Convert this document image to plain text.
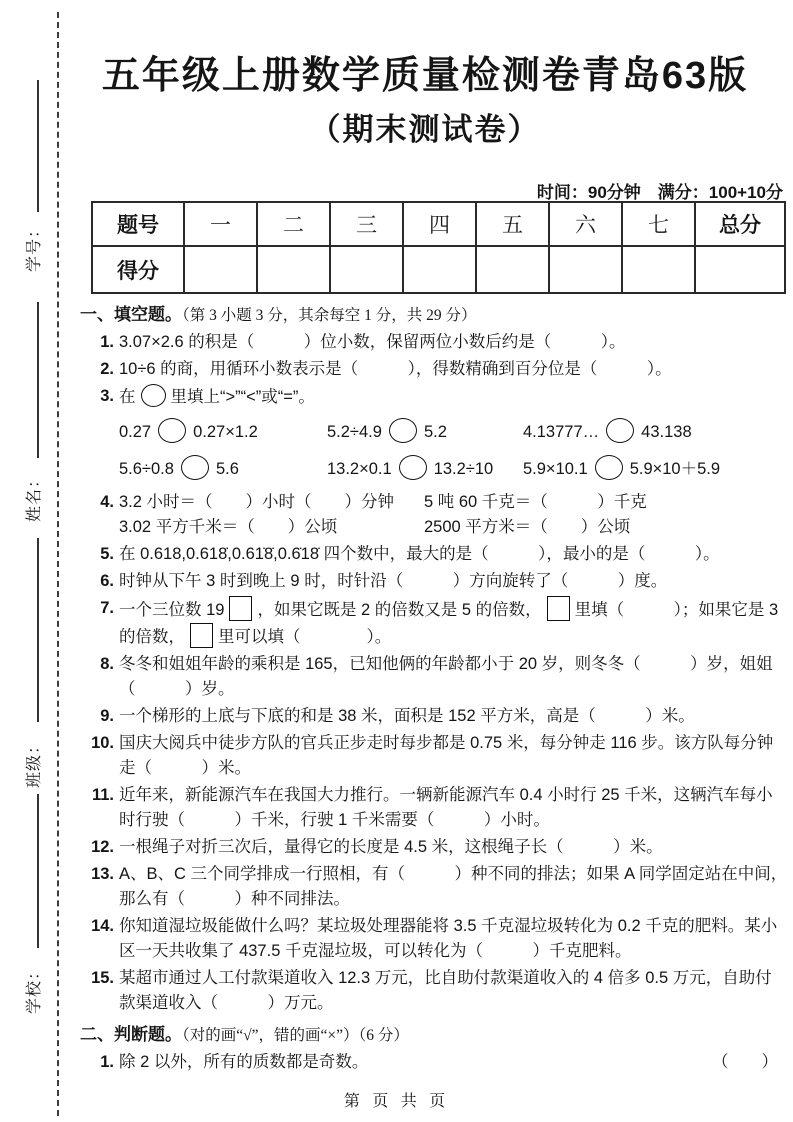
学号：
姓名：
班级：
学校：
五年级上册数学质量检测卷青岛63版
（期末测试卷）
时间：90分钟　满分：100+10分
题号	一	二	三	四	五	六	七	总分
得分								
一、填空题。（第 3 小题 3 分，其余每空 1 分，共 29 分）
1. 3.07×2.6 的积是（　　　）位小数，保留两位小数后约是（　　　）。
2. 10÷6 的商，用循环小数表示是（　　　），得数精确到百分位是（　　　）。
3. 在 里填上“>”“<”或“=”。
0.27	0.27×1.2	5.2÷4.9	5.2	4.13777…	43.138
5.6÷0.8	5.6	13.2×0.1	13.2÷10	5.9×10.1	5.9×10＋5.9
4. 3.2 小时＝（　　）小时（　　）分钟	5 吨 60 千克＝（　　　）千克
3.02 平方千米＝（　　）公顷	2500 平方米＝（　　）公顷
5. 在 0.618,0.618̇,0.61̇8̇,0.6̇18̇ 四个数中，最大的是（　　　），最小的是（　　　）。
6. 时钟从下午 3 时到晚上 9 时，时针沿（　　　）方向旋转了（　　　）度。
7. 一个三位数 19 ，如果它既是 2 的倍数又是 5 的倍数， 里填（　　　）；如果它是 3 的倍数， 里可以填（　　　　）。
8. 冬冬和姐姐年龄的乘积是 165，已知他俩的年龄都小于 20 岁，则冬冬（　　　）岁，姐姐（　　　）岁。
9. 一个梯形的上底与下底的和是 38 米，面积是 152 平方米，高是（　　　）米。
10. 国庆大阅兵中徒步方队的官兵正步走时每步都是 0.75 米，每分钟走 116 步。该方队每分钟走（　　　）米。
11. 近年来，新能源汽车在我国大力推行。一辆新能源汽车 0.4 小时行 25 千米，这辆汽车每小时行驶（　　　）千米，行驶 1 千米需要（　　　）小时。
12. 一根绳子对折三次后，量得它的长度是 4.5 米，这根绳子长（　　　）米。
13. A、B、C 三个同学排成一行照相，有（　　　）种不同的排法；如果 A 同学固定站在中间，那么有（　　　）种不同排法。
14. 你知道湿垃圾能做什么吗？某垃圾处理器能将 3.5 千克湿垃圾转化为 0.2 千克的肥料。某小区一天共收集了 437.5 千克湿垃圾，可以转化为（　　　）千克肥料。
15. 某超市通过人工付款渠道收入 12.3 万元，比自助付款渠道收入的 4 倍多 0.5 万元，自助付款渠道收入（　　　）万元。
二、判断题。（对的画“√”，错的画“×”）（6 分）
1. 除 2 以外，所有的质数都是奇数。	（　　）
第 页 共 页
